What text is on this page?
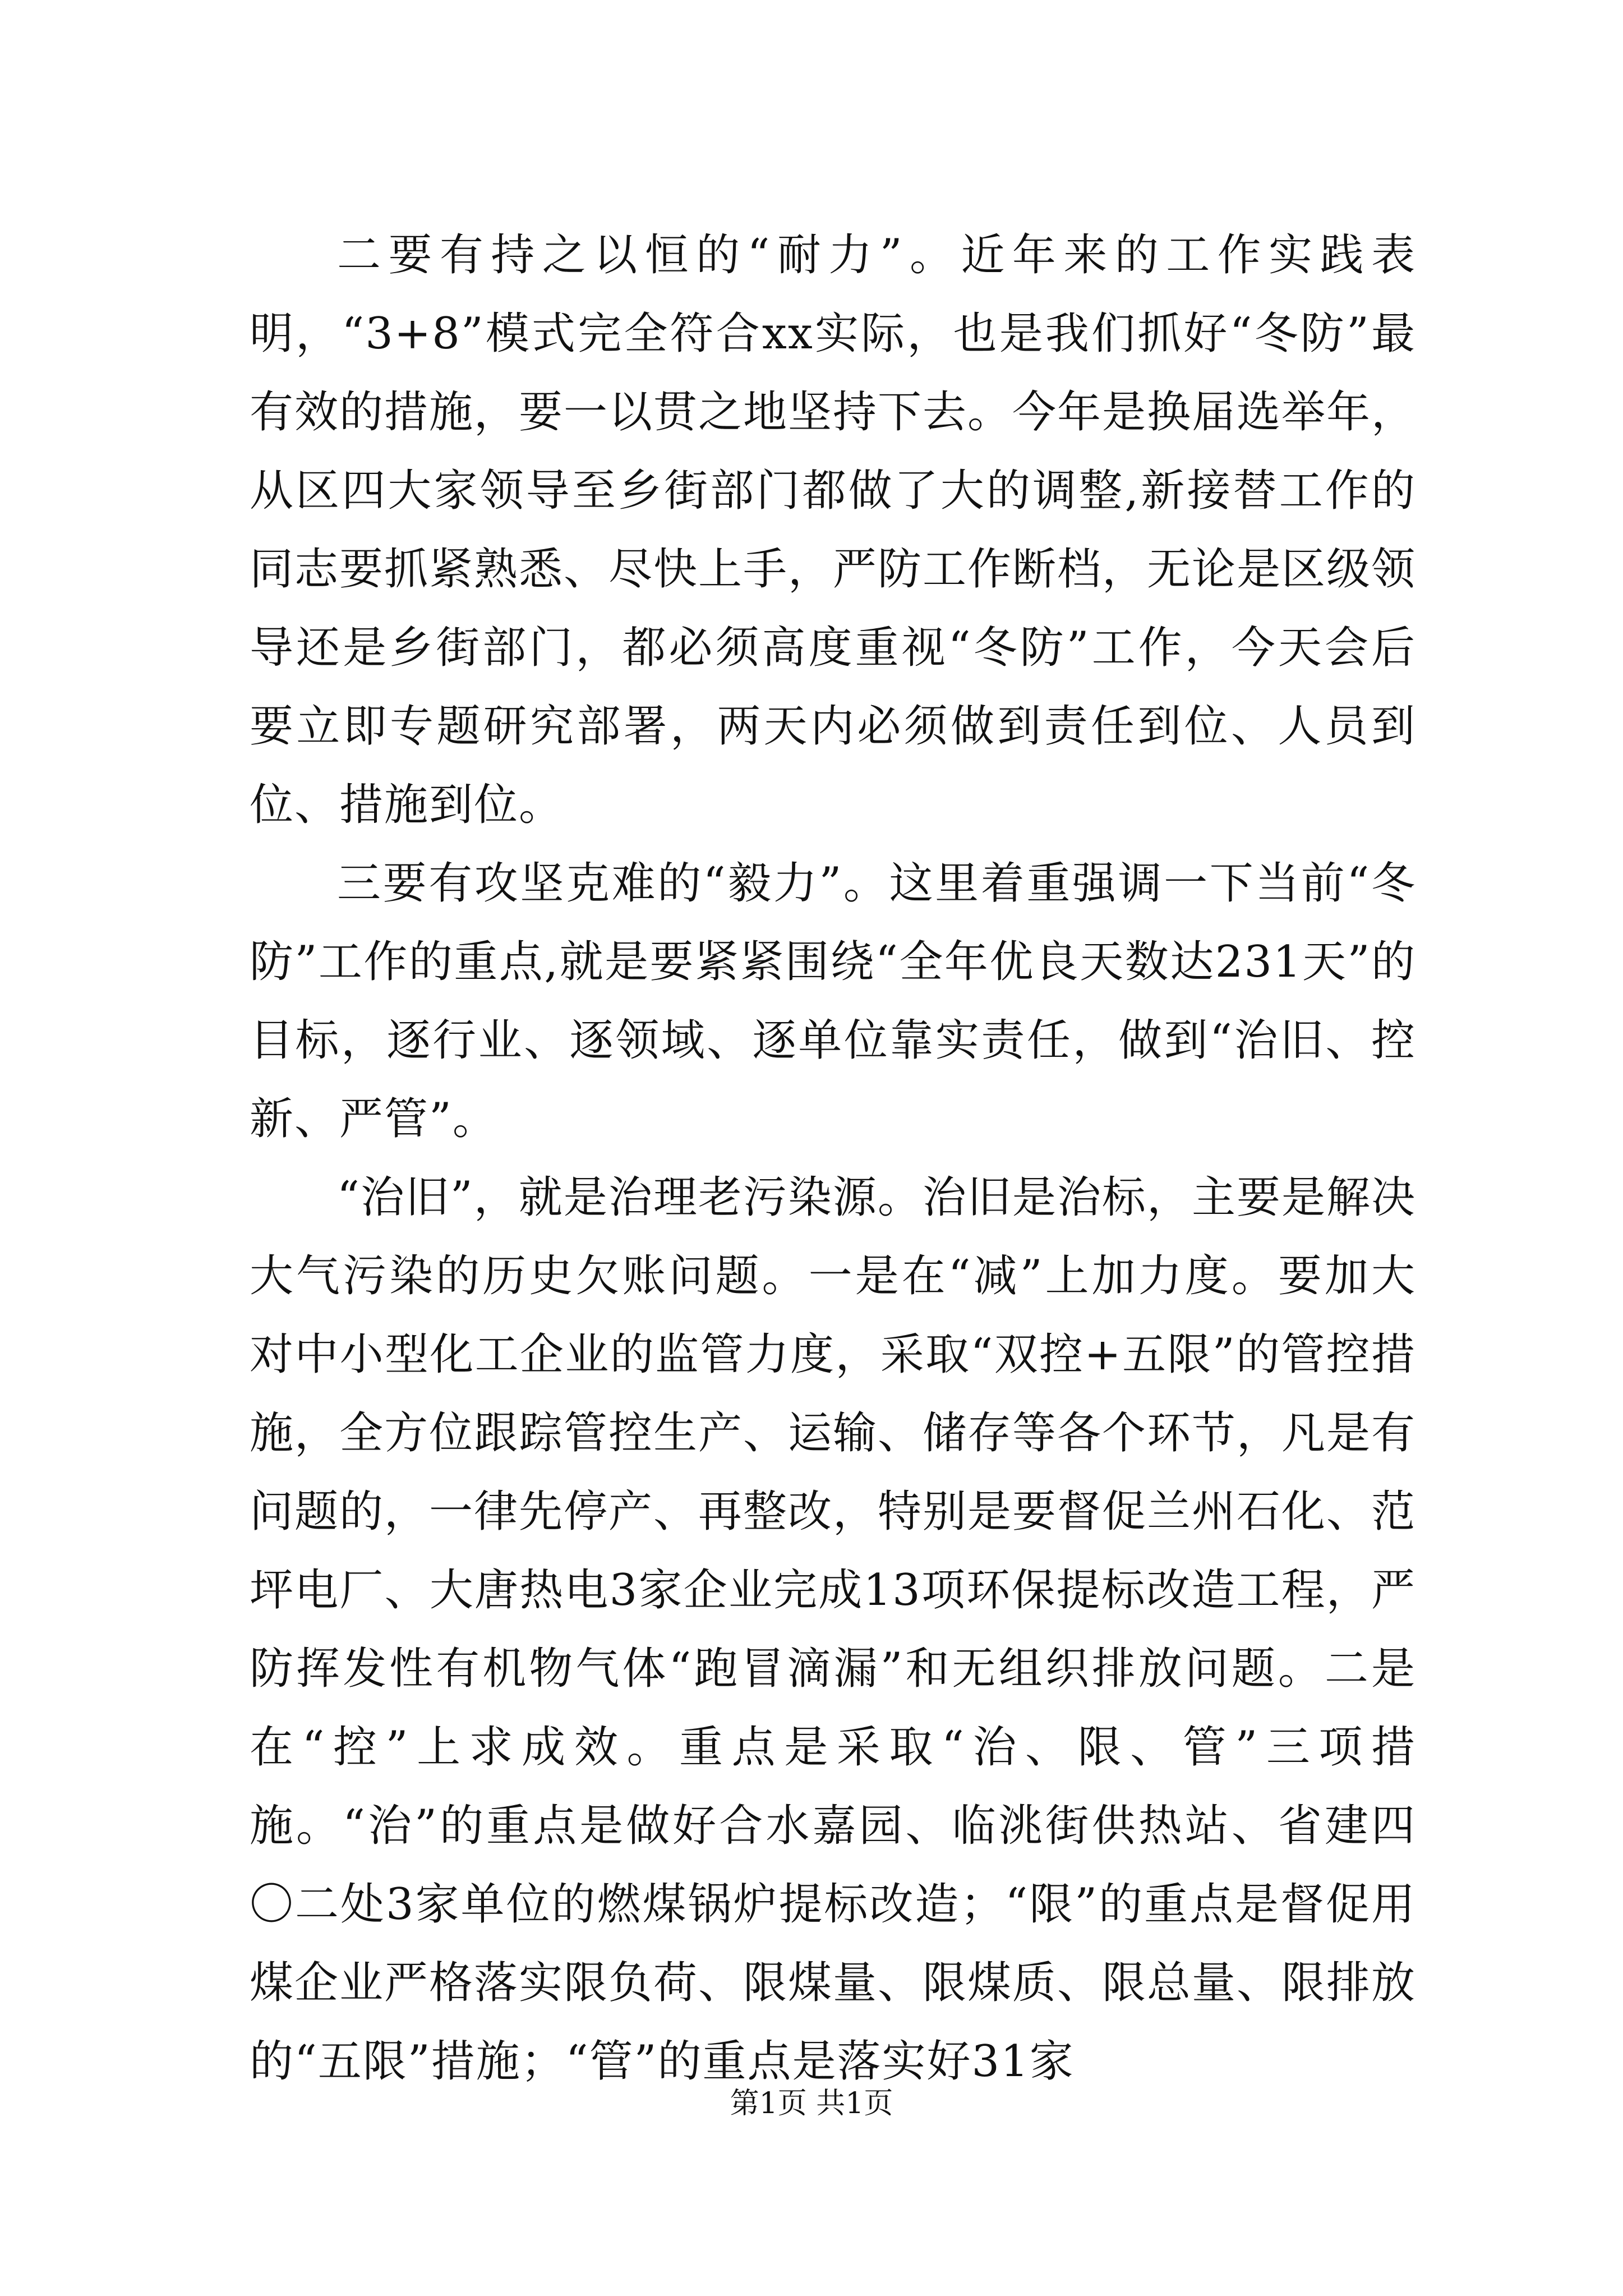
二要有持之以恒的“耐力”。近年来的工作实践表明，“3+8”模式完全符合xx实际，也是我们抓好“冬防”最有效的措施，要一以贯之地坚持下去。今年是换届选举年，从区四大家领导至乡街部门都做了大的调整,新接替工作的同志要抓紧熟悉、尽快上手，严防工作断档，无论是区级领导还是乡街部门，都必须高度重视“冬防”工作，今天会后要立即专题研究部署，两天内必须做到责任到位、人员到位、措施到位。

三要有攻坚克难的“毅力”。这里着重强调一下当前“冬防”工作的重点,就是要紧紧围绕“全年优良天数达231天”的目标，逐行业、逐领域、逐单位靠实责任，做到“治旧、控新、严管”。

“治旧”，就是治理老污染源。治旧是治标，主要是解决大气污染的历史欠账问题。一是在“减”上加力度。要加大对中小型化工企业的监管力度，采取“双控+五限”的管控措施，全方位跟踪管控生产、运输、储存等各个环节，凡是有问题的，一律先停产、再整改，特别是要督促兰州石化、范坪电厂、大唐热电3家企业完成13项环保提标改造工程，严防挥发性有机物气体“跑冒滴漏”和无组织排放问题。二是在“控”上求成效。重点是采取“治、限、管”三项措施。“治”的重点是做好合水嘉园、临洮街供热站、省建四〇二处3家单位的燃煤锅炉提标改造；“限”的重点是督促用煤企业严格落实限负荷、限煤量、限煤质、限总量、限排放的“五限”措施；“管”的重点是落实好31家

第1页 共1页
